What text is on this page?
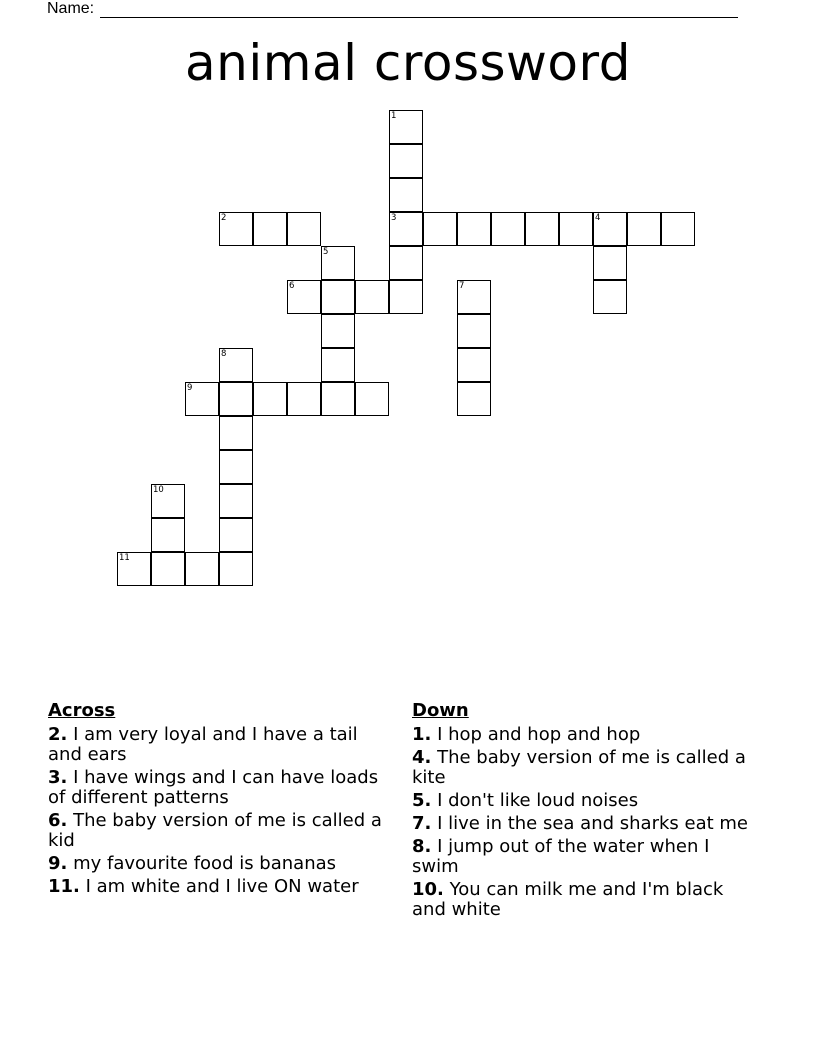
Name:
animal crossword
1
2	3	4
5
6	7
8
9
10
11
Across
2. I am very loyal and I have a tail and ears
3. I have wings and I can have loads of different patterns
6. The baby version of me is called a kid
9. my favourite food is bananas
11. I am white and I live ON water
Down
1. I hop and hop and hop
4. The baby version of me is called a kite
5. I don't like loud noises
7. I live in the sea and sharks eat me
8. I jump out of the water when I swim
10. You can milk me and I'm black and white
